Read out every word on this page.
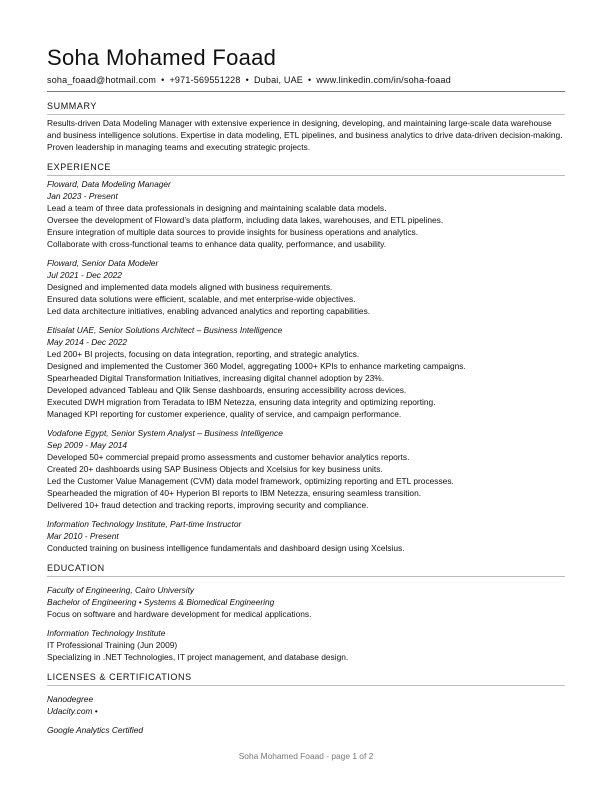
Soha Mohamed Foaad
soha_foaad@hotmail.com • +971-569551228 • Dubai, UAE • www.linkedin.com/in/soha-foaad
SUMMARY
Results-driven Data Modeling Manager with extensive experience in designing, developing, and maintaining large-scale data warehouse and business intelligence solutions. Expertise in data modeling, ETL pipelines, and business analytics to drive data-driven decision-making. Proven leadership in managing teams and executing strategic projects.
EXPERIENCE
Floward, Data Modeling Manager
Jan 2023 - Present
Lead a team of three data professionals in designing and maintaining scalable data models.
Oversee the development of Floward’s data platform, including data lakes, warehouses, and ETL pipelines.
Ensure integration of multiple data sources to provide insights for business operations and analytics.
Collaborate with cross-functional teams to enhance data quality, performance, and usability.
Floward, Senior Data Modeler
Jul 2021 - Dec 2022
Designed and implemented data models aligned with business requirements.
Ensured data solutions were efficient, scalable, and met enterprise-wide objectives.
Led data architecture initiatives, enabling advanced analytics and reporting capabilities.
Etisalat UAE, Senior Solutions Architect – Business Intelligence
May 2014 - Dec 2022
Led 200+ BI projects, focusing on data integration, reporting, and strategic analytics.
Designed and implemented the Customer 360 Model, aggregating 1000+ KPIs to enhance marketing campaigns.
Spearheaded Digital Transformation Initiatives, increasing digital channel adoption by 23%.
Developed advanced Tableau and Qlik Sense dashboards, ensuring accessibility across devices.
Executed DWH migration from Teradata to IBM Netezza, ensuring data integrity and optimizing reporting.
Managed KPI reporting for customer experience, quality of service, and campaign performance.
Vodafone Egypt, Senior System Analyst – Business Intelligence
Sep 2009 - May 2014
Developed 50+ commercial prepaid promo assessments and customer behavior analytics reports.
Created 20+ dashboards using SAP Business Objects and Xcelsius for key business units.
Led the Customer Value Management (CVM) data model framework, optimizing reporting and ETL processes.
Spearheaded the migration of 40+ Hyperion BI reports to IBM Netezza, ensuring seamless transition.
Delivered 10+ fraud detection and tracking reports, improving security and compliance.
Information Technology Institute, Part-time Instructor
Mar 2010 - Present
Conducted training on business intelligence fundamentals and dashboard design using Xcelsius.
EDUCATION
Faculty of Engineering, Cairo University
Bachelor of Engineering • Systems & Biomedical Engineering
Focus on software and hardware development for medical applications.
Information Technology Institute
IT Professional Training (Jun 2009)
Specializing in .NET Technologies, IT project management, and database design.
LICENSES & CERTIFICATIONS
Nanodegree
Udacity.com •
Google Analytics Certified
Soha Mohamed Foaad - page 1 of 2
